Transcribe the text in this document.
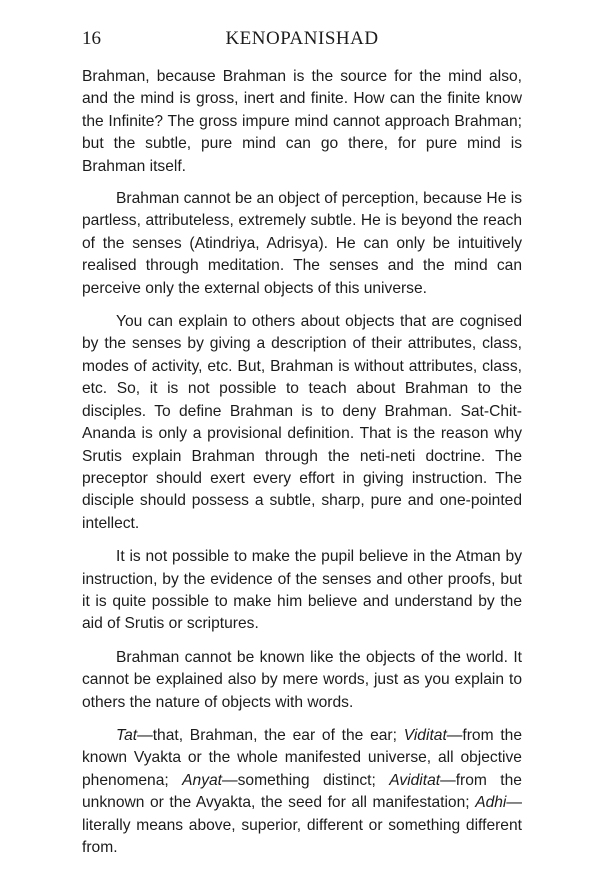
16	KENOPANISHAD

Brahman, because Brahman is the source for the mind also, and the mind is gross, inert and finite. How can the finite know the Infinite? The gross impure mind cannot approach Brahman; but the subtle, pure mind can go there, for pure mind is Brahman itself.

Brahman cannot be an object of perception, because He is partless, attributeless, extremely subtle. He is beyond the reach of the senses (Atindriya, Adrisya). He can only be intuitively realised through meditation. The senses and the mind can perceive only the external objects of this universe.

You can explain to others about objects that are cognised by the senses by giving a description of their attributes, class, modes of activity, etc. But, Brahman is without attributes, class, etc. So, it is not possible to teach about Brahman to the disciples. To define Brahman is to deny Brahman. Sat-Chit-Ananda is only a provisional definition. That is the reason why Srutis explain Brahman through the neti-neti doctrine. The preceptor should exert every effort in giving instruction. The disciple should possess a subtle, sharp, pure and one-pointed intellect.

It is not possible to make the pupil believe in the Atman by instruction, by the evidence of the senses and other proofs, but it is quite possible to make him believe and understand by the aid of Srutis or scriptures.

Brahman cannot be known like the objects of the world. It cannot be explained also by mere words, just as you explain to others the nature of objects with words.

Tat—that, Brahman, the ear of the ear; Viditat—from the known Vyakta or the whole manifested universe, all objective phenomena; Anyat—something distinct; Aviditat—from the unknown or the Avyakta, the seed for all manifestation; Adhi—literally means above, superior, different or something different from.
